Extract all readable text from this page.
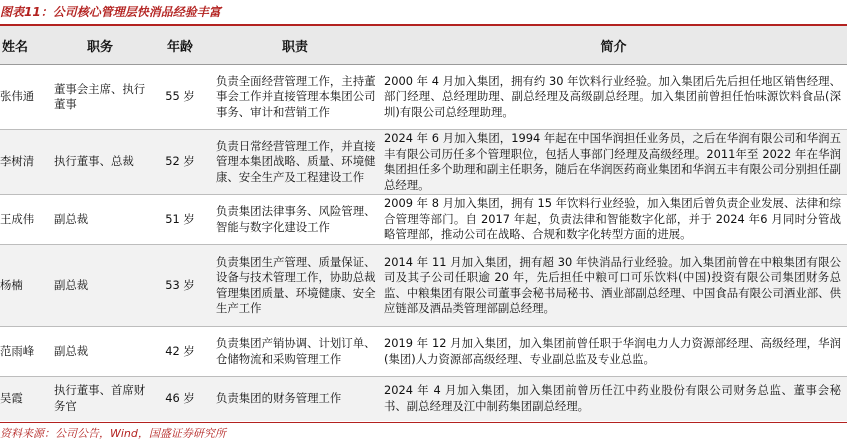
图表11：公司核心管理层快消品经验丰富
姓名	职务	年龄	职责	简介
张伟通	董事会主席、执行董事	55 岁	负责全面经营管理工作，主持董事会工作并直接管理本集团公司事务、审计和营销工作	2000 年 4 月加入集团，拥有约 30 年饮料行业经验。加入集团后先后担任地区销售经理、部门经理、总经理助理、副总经理及高级副总经理。加入集团前曾担任怡味源饮料食品(深圳)有限公司总经理助理。
李树清	执行董事、总裁	52 岁	负责日常经营管理工作，并直接管理本集团战略、质量、环境健康、安全生产及工程建设工作	2024 年 6 月加入集团，1994 年起在中国华润担任业务员，之后在华润有限公司和华润五丰有限公司历任多个管理职位，包括人事部门经理及高级经理。2011年至 2022 年在华润集团担任多个助理和副主任职务，随后在华润医药商业集团和华润五丰有限公司分别担任副总经理。
王成伟	副总裁	51 岁	负责集团法律事务、风险管理、智能与数字化建设工作	2009 年 8 月加入集团，拥有 15 年饮料行业经验，加入集团后曾负责企业发展、法律和综合管理等部门。自 2017 年起，负责法律和智能数字化部，并于 2024 年6 月同时分管战略管理部，推动公司在战略、合规和数字化转型方面的进展。
杨楠	副总裁	53 岁	负责集团生产管理、质量保证、设备与技术管理工作，协助总裁管理集团质量、环境健康、安全生产工作	2014 年 11 月加入集团，拥有超 30 年快消品行业经验。加入集团前曾在中粮集团有限公司及其子公司任职逾 20 年，先后担任中粮可口可乐饮料(中国)投资有限公司集团财务总监、中粮集团有限公司董事会秘书局秘书、酒业部副总经理、中国食品有限公司酒业部、供应链部及酒品类管理部副总经理。
范雨峰	副总裁	42 岁	负责集团产销协调、计划订单、仓储物流和采购管理工作	2019 年 12 月加入集团，加入集团前曾任职于华润电力人力资源部经理、高级经理，华润(集团)人力资源部高级经理、专业副总监及专业总监。
吴霞	执行董事、首席财务官	46 岁	负责集团的财务管理工作	2024 年 4 月加入集团，加入集团前曾历任江中药业股份有限公司财务总监、董事会秘书、副总经理及江中制药集团副总经理。
资料来源：公司公告，Wind，国盛证券研究所
